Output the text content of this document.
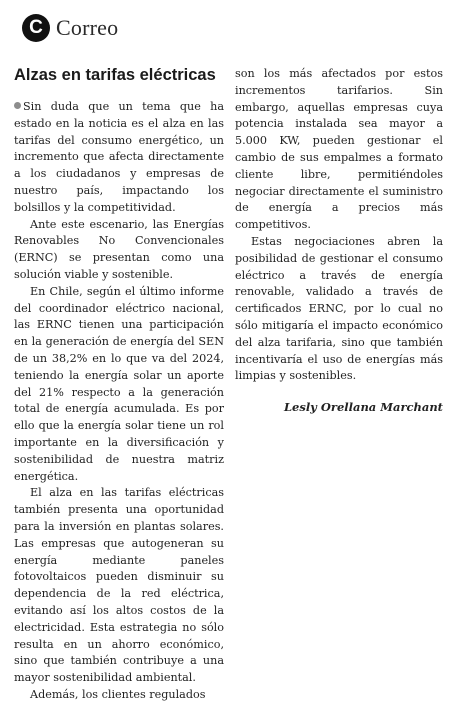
C Correo
Alzas en tarifas eléctricas

Sin duda que un tema que ha estado en la noticia es el alza en las tarifas del consumo energético, un incremento que afecta directamente a los ciudadanos y empresas de nuestro país, impactando los bolsillos y la competitividad.

Ante este escenario, las Energías Renovables No Convencionales (ERNC) se presentan como una solución viable y sostenible.

En Chile, según el último informe del coordinador eléctrico nacional, las ERNC tienen una participación en la generación de energía del SEN de un 38,2% en lo que va del 2024, teniendo la energía solar un aporte del 21% respecto a la generación total de energía acumulada. Es por ello que la energía solar tiene un rol importante en la diversificación y sostenibilidad de nuestra matriz energética.

El alza en las tarifas eléctricas también presenta una oportunidad para la inversión en plantas solares. Las empresas que autogeneran su energía mediante paneles fotovoltaicos pueden disminuir su dependencia de la red eléctrica, evitando así los altos costos de la electricidad. Esta estrategia no sólo resulta en un ahorro económico, sino que también contribuye a una mayor sostenibilidad ambiental.

Además, los clientes regulados

son los más afectados por estos incrementos tarifarios. Sin embargo, aquellas empresas cuya potencia instalada sea mayor a 5.000 KW, pueden gestionar el cambio de sus empalmes a formato cliente libre, permitiéndoles negociar directamente el suministro de energía a precios más competitivos.

Estas negociaciones abren la posibilidad de gestionar el consumo eléctrico a través de energía renovable, validado a través de certificados ERNC, por lo cual no sólo mitigaría el impacto económico del alza tarifaria, sino que también incentivaría el uso de energías más limpias y sostenibles.

Lesly Orellana Marchant
